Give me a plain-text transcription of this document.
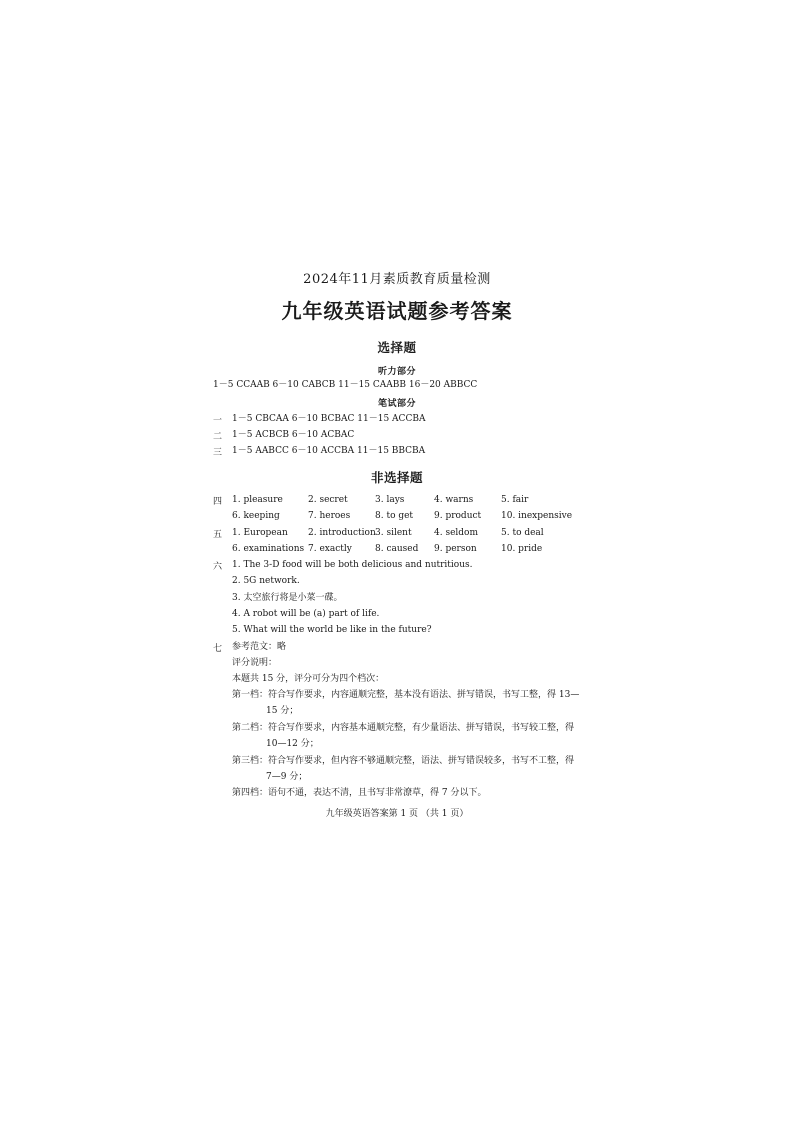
2024年11月素质教育质量检测
九年级英语试题参考答案
选择题
听力部分
1－5 CCAAB 6－10 CABCB 11－15 CAABB 16－20 ABBCC
笔试部分
一 1－5 CBCAA 6－10 BCBAC 11－15 ACCBA
二 1－5 ACBCB 6－10 ACBAC
三 1－5 AABCC 6－10 ACCBA 11－15 BBCBA
非选择题
四 1. pleasure	2. secret	3. lays	4. warns	5. fair
6. keeping	7. heroes	8. to get 9. product 10. inexpensive
五 1. European 2. introduction 3. silent 4. seldom	5. to deal
6. examinations 7. exactly	8. caused 9. person	10. pride
六 1. The 3-D food will be both delicious and nutritious.
2. 5G network.
3. 太空旅行将是小菜一碟。
4. A robot will be (a) part of life.
5. What will the world be like in the future?
七 参考范文：略
评分说明：
本题共 15 分，评分可分为四个档次：
第一档：符合写作要求，内容通顺完整，基本没有语法、拼写错误，书写工整，得 13—
15 分；
第二档：符合写作要求，内容基本通顺完整，有少量语法、拼写错误，书写较工整，得
10—12 分；
第三档：符合写作要求，但内容不够通顺完整，语法、拼写错误较多，书写不工整，得
7—9 分；
第四档：语句不通，表达不清，且书写非常潦草，得 7 分以下。
九年级英语答案第 1 页 （共 1 页）
